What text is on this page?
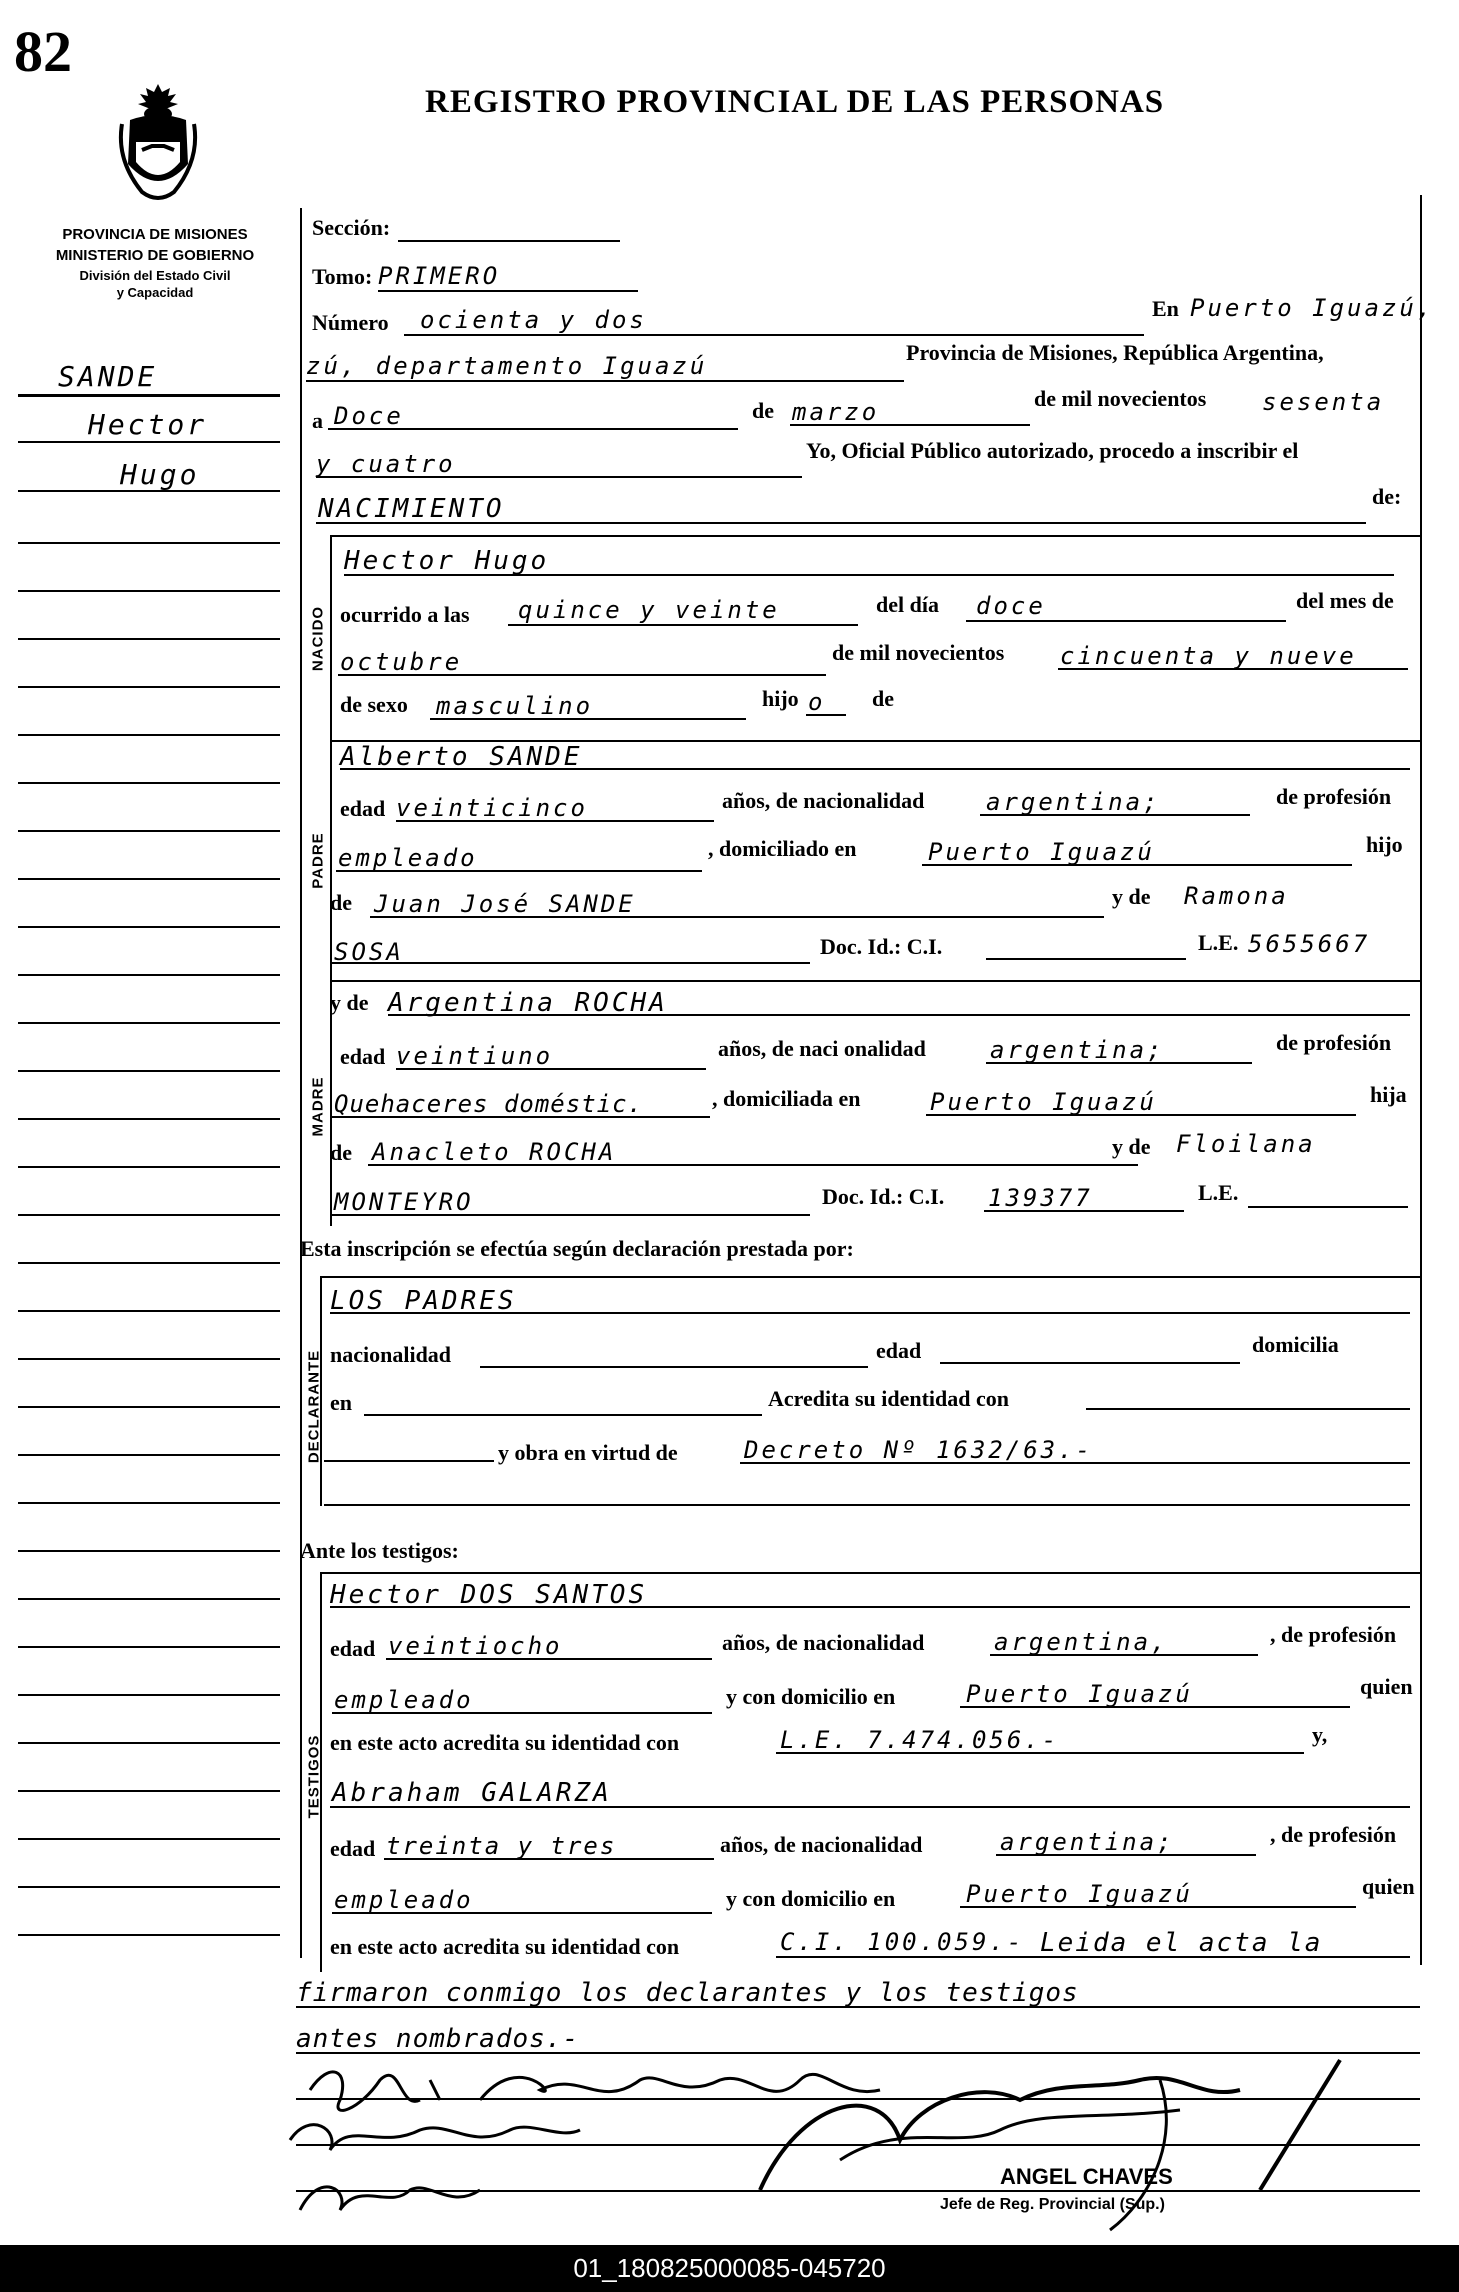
82
REGISTRO PROVINCIAL DE LAS PERSONAS
PROVINCIA DE MISIONES
MINISTERIO DE GOBIERNO
División del Estado Civil
y Capacidad
SANDE
Hector
Hugo
Sección:
Tomo: PRIMERO
Número ocienta y dos	En Puerto Iguazú,
zú, departamento Iguazú	Provincia de Misiones, República Argentina,
a Doce	de marzo	de mil novecientos sesenta
y cuatro	Yo, Oficial Público autorizado, procedo a inscribir el
NACIMIENTO	de:
NACIDO
Hector Hugo
ocurrido a las quince y veinte	del día doce	del mes de
octubre	de mil novecientos cincuenta y nueve
de sexo masculino	hijo o de
PADRE
Alberto SANDE
edad veinticinco	años, de nacionalidad	argentina;	de profesión
empleado	, domiciliado en	Puerto Iguazú	hijo
de Juan José SANDE	y de Ramona
SOSA	Doc. Id.: C.I.	L.E. 5655667
MADRE
y de Argentina ROCHA
edad veintiuno	años, de naci onalidad	argentina;	de profesión
Quehaceres doméstic.	, domiciliada en	Puerto Iguazú	hija
de Anacleto ROCHA	y de Floilana
MONTEYRO	Doc. Id.: C.I. 139377	L.E.
Esta inscripción se efectúa según declaración prestada por:
DECLARANTE
LOS PADRES
nacionalidad	edad	domicilia
en	Acredita su identidad con
y obra en virtud de	Decreto Nº 1632/63.-
Ante los testigos:
TESTIGOS
Hector DOS SANTOS
edad veintiocho	años, de nacionalidad	argentina,	, de profesión
empleado	y con domicilio en	Puerto Iguazú	quien
en este acto acredita su identidad con	L.E. 7.474.056.-	y,
Abraham GALARZA
edad treinta y tres	años, de nacionalidad	argentina;	, de profesión
empleado	y con domicilio en	Puerto Iguazú	quien
en este acto acredita su identidad con	C.I. 100.059.- Leida el acta la
firmaron conmigo los declarantes y los testigos
antes nombrados.-
ANGEL CHAVES
Jefe de Reg. Provincial (Sup.)
01_180825000085-045720
